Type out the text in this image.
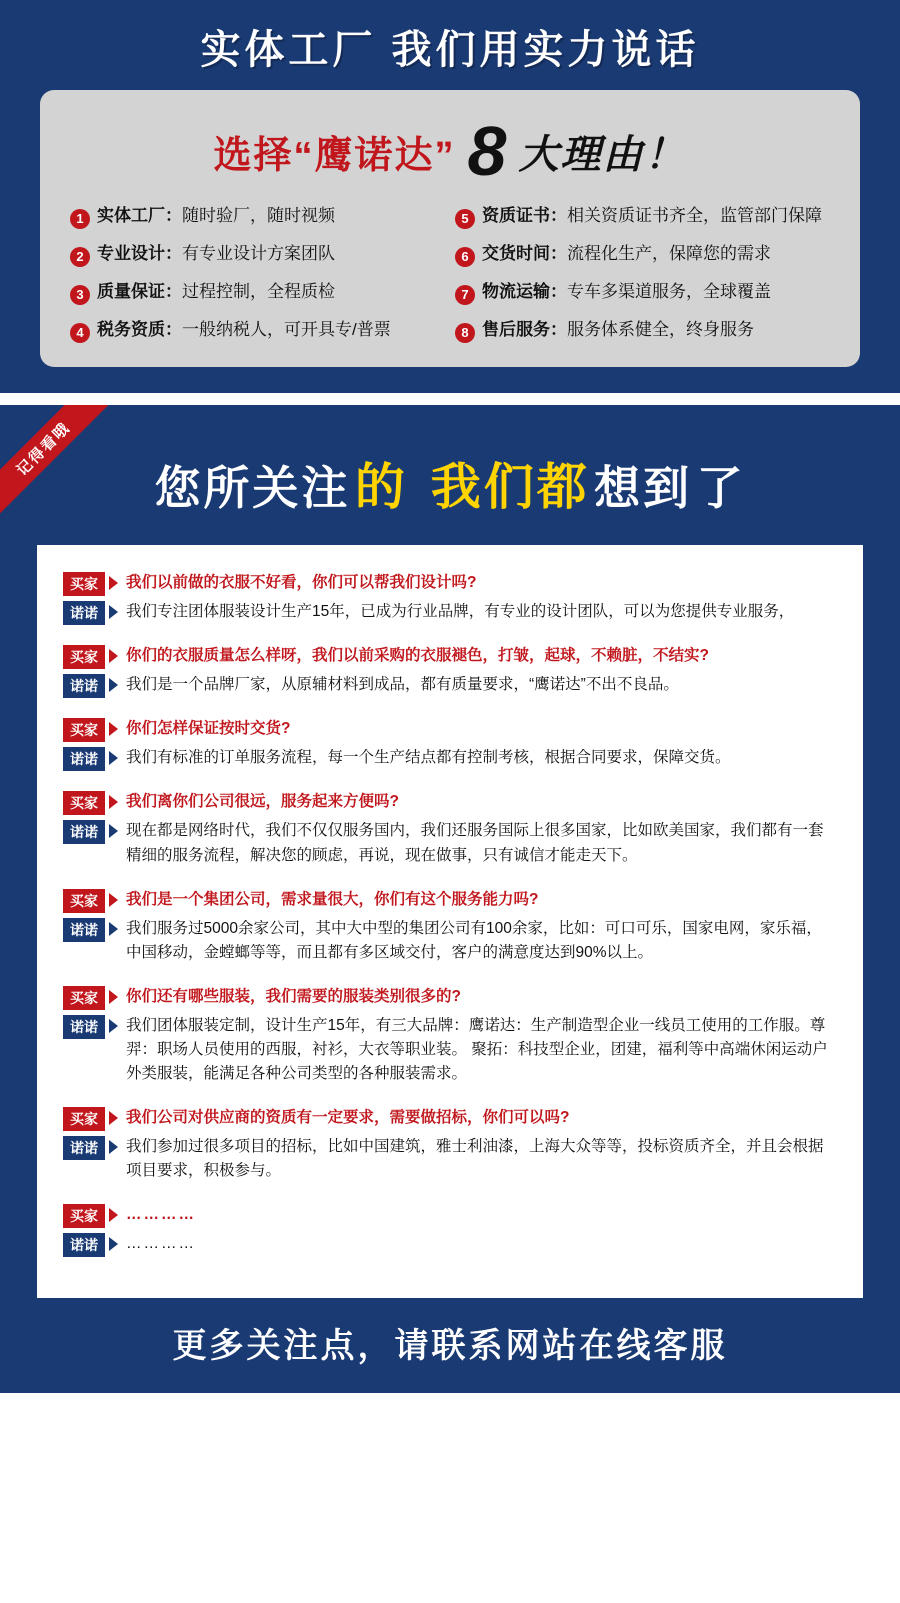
实体工厂 我们用实力说话
选择“鹰诺达” 8 大理由！
1 实体工厂 ： 随时验厂，随时视频	5 资质证书 ： 相关资质证书齐全，监管部门保障
2 专业设计 ： 有专业设计方案团队	6 交货时间 ： 流程化生产，保障您的需求
3 质量保证 ： 过程控制，全程质检	7 物流运输 ： 专车多渠道服务，全球覆盖
4 税务资质 ： 一般纳税人，可开具专/普票	8 售后服务 ： 服务体系健全，终身服务
记得看哦
您所关注 的 我们都 想到 了
买家	我们以前做的衣服不好看，你们可以帮我们设计吗?
诺诺	我们专注团体服装设计生产15年，已成为行业品牌，有专业的设计团队，可以为您提供专业服务，
买家	你们的衣服质量怎么样呀，我们以前采购的衣服褪色，打皱，起球，不赖脏，不结实?
诺诺	我们是一个品牌厂家，从原辅材料到成品，都有质量要求，“鹰诺达”不出不良品。
买家	你们怎样保证按时交货?
诺诺	我们有标准的订单服务流程，每一个生产结点都有控制考核，根据合同要求，保障交货。
买家	我们离你们公司很远，服务起来方便吗?
诺诺	现在都是网络时代，我们不仅仅服务国内，我们还服务国际上很多国家，比如欧美国家，我们都有一套精细的服务流程，解决您的顾虑，再说，现在做事，只有诚信才能走天下。
买家	我们是一个集团公司，需求量很大，你们有这个服务能力吗?
诺诺	我们服务过5000余家公司，其中大中型的集团公司有100余家，比如：可口可乐，国家电网，家乐福，中国移动，金螳螂等等，而且都有多区域交付，客户的满意度达到90%以上。
买家	你们还有哪些服装，我们需要的服装类别很多的?
诺诺	我们团体服装定制，设计生产15年，有三大品牌：鹰诺达：生产制造型企业一线员工使用的工作服。尊羿：职场人员使用的西服，衬衫，大衣等职业装。 聚拓：科技型企业，团建，福利等中高端休闲运动户外类服装，能满足各种公司类型的各种服装需求。
买家	我们公司对供应商的资质有一定要求，需要做招标，你们可以吗?
诺诺	我们参加过很多项目的招标，比如中国建筑，雅士利油漆，上海大众等等，投标资质齐全，并且会根据项目要求，积极参与。
买家	…………
诺诺	…………
更多关注点，请联系网站在线客服
